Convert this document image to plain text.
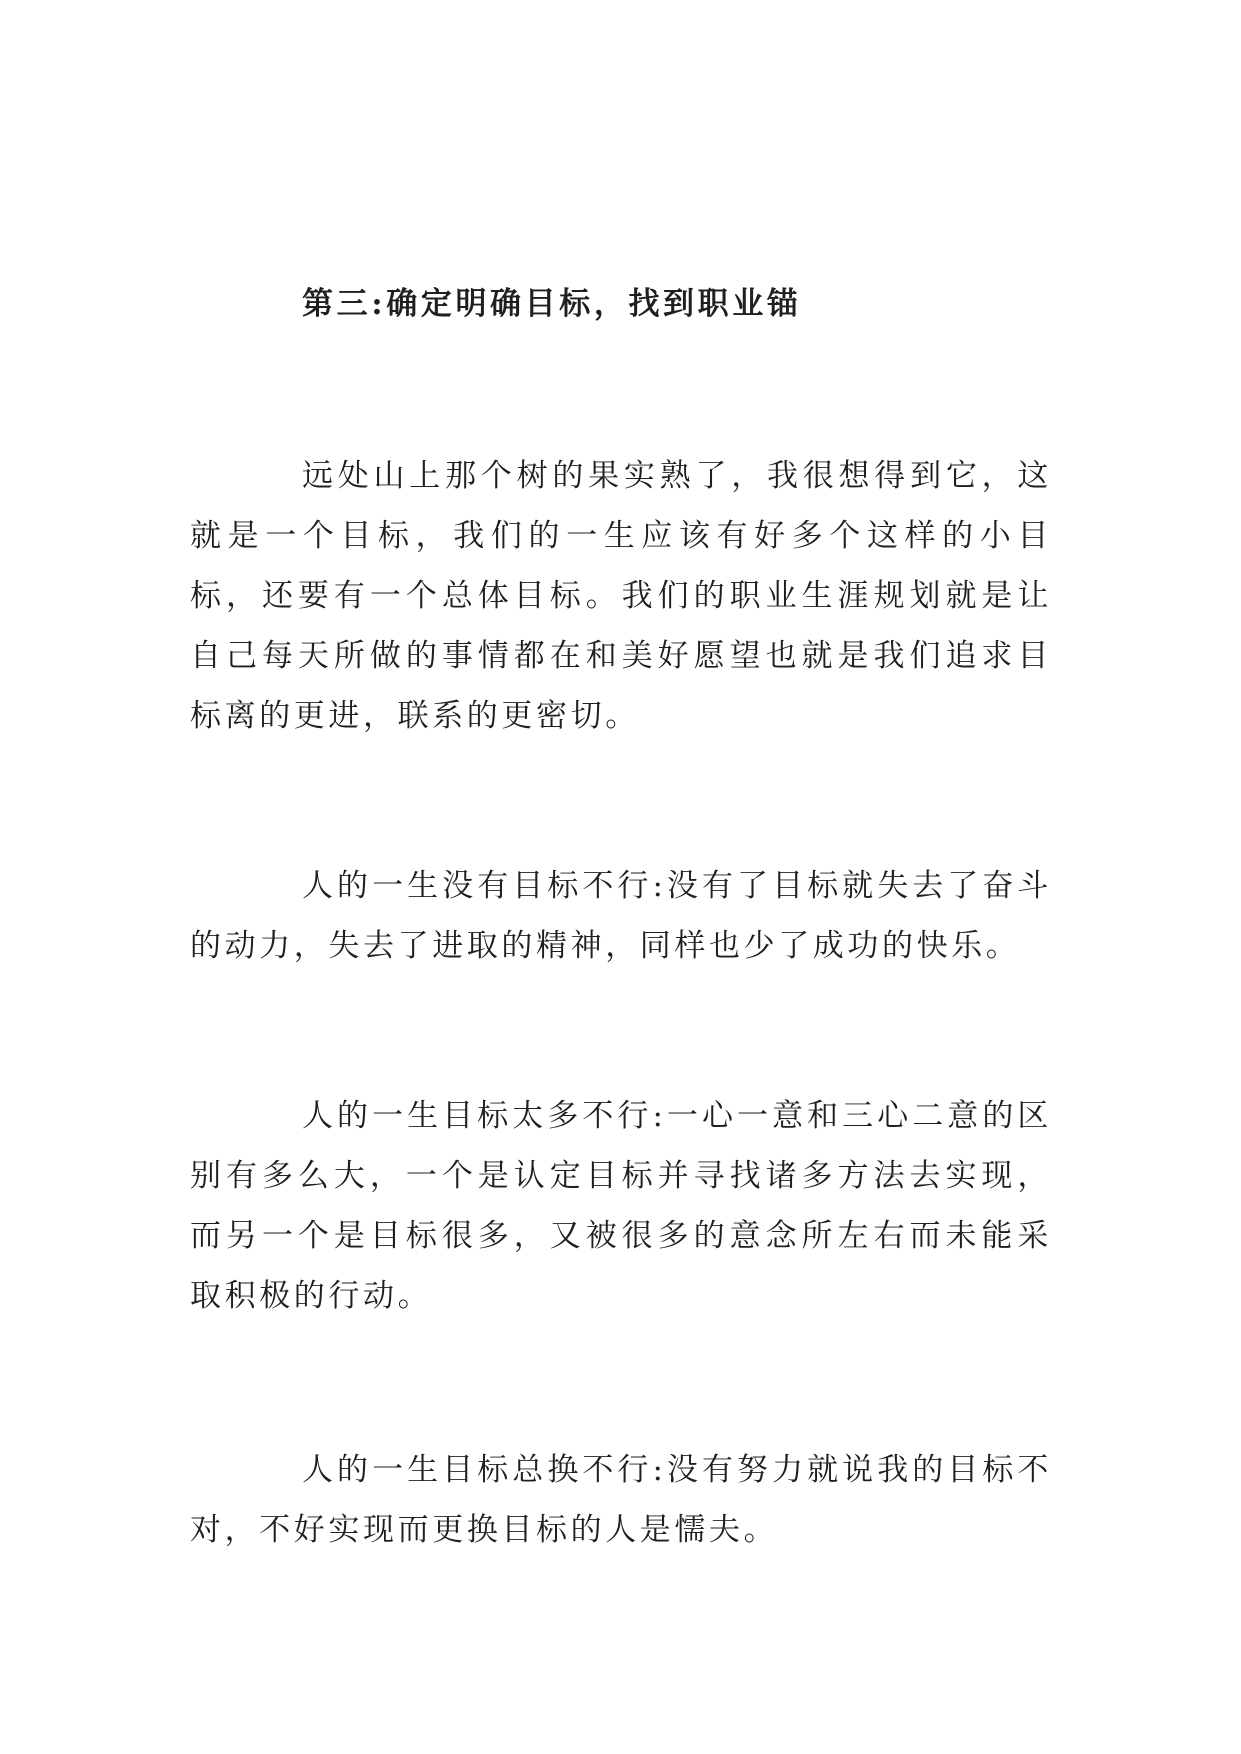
第三:确定明确目标，找到职业锚

远处山上那个树的果实熟了，我很想得到它，这就是一个目标，我们的一生应该有好多个这样的小目标，还要有一个总体目标。我们的职业生涯规划就是让自己每天所做的事情都在和美好愿望也就是我们追求目标离的更进，联系的更密切。

人的一生没有目标不行:没有了目标就失去了奋斗的动力，失去了进取的精神，同样也少了成功的快乐。

人的一生目标太多不行:一心一意和三心二意的区别有多么大，一个是认定目标并寻找诸多方法去实现，而另一个是目标很多，又被很多的意念所左右而未能采取积极的行动。

人的一生目标总换不行:没有努力就说我的目标不对，不好实现而更换目标的人是懦夫。
